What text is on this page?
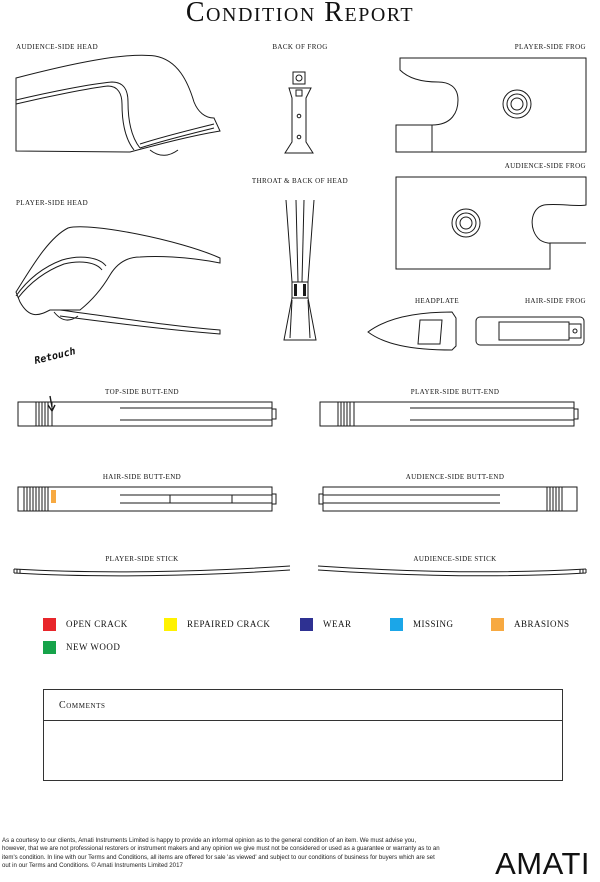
Condition Report
AUDIENCE-SIDE HEAD	BACK OF FROG	PLAYER-SIDE FROG
AUDIENCE-SIDE FROG
THROAT & BACK OF HEAD
PLAYER-SIDE HEAD
HEADPLATE	HAIR-SIDE FROG
TOP-SIDE BUTT-END	PLAYER-SIDE BUTT-END
HAIR-SIDE BUTT-END	AUDIENCE-SIDE BUTT-END
PLAYER-SIDE STICK	AUDIENCE-SIDE STICK
Retouch
OPEN CRACK	REPAIRED CRACK	WEAR	MISSING	ABRASIONS
NEW WOOD
Comments
As a courtesy to our clients, Amati Instruments Limited is happy to provide an informal opinion as to the general condition of an item. We must advise you, however, that we are not professional restorers or instrument makers and any opinion we give must not be considered or used as a guarantee or warranty as to an item's condition. In line with our Terms and Conditions, all items are offered for sale 'as viewed' and subject to our conditions of business for buyers which are set out in our Terms and Conditions. © Amati Instruments Limited 2017	AMATI
